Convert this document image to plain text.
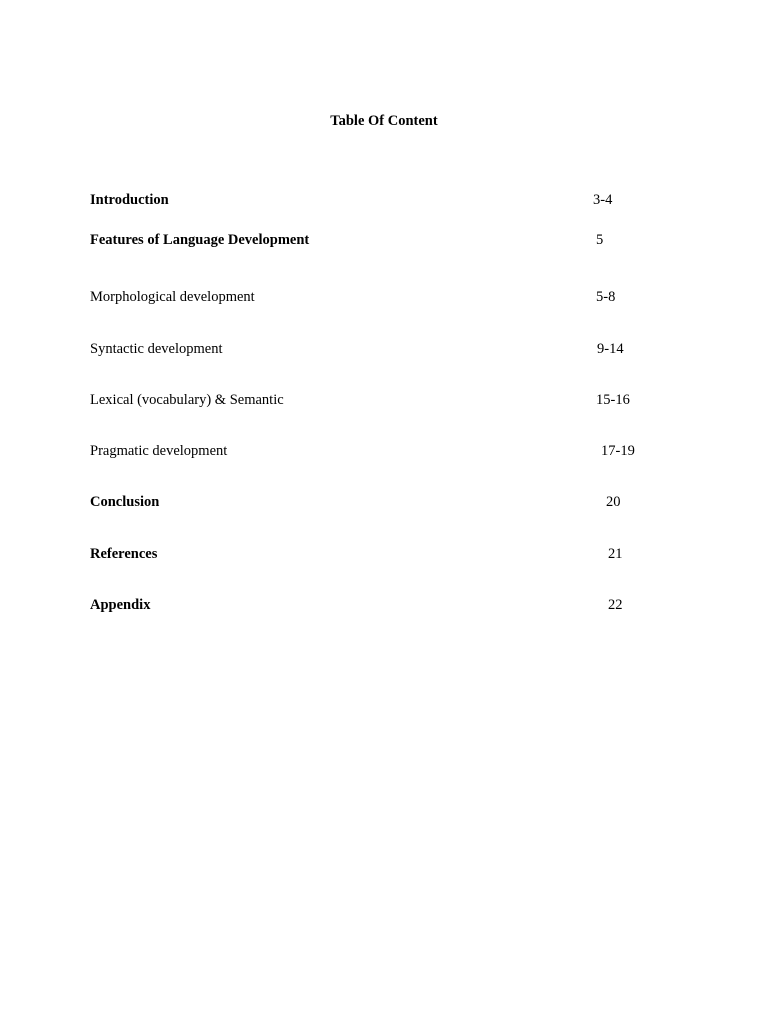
Table Of Content
Introduction	3-4
Features of Language Development	5
Morphological development	5-8
Syntactic development	9-14
Lexical (vocabulary) & Semantic	15-16
Pragmatic development	17-19
Conclusion	20
References	21
Appendix	22
